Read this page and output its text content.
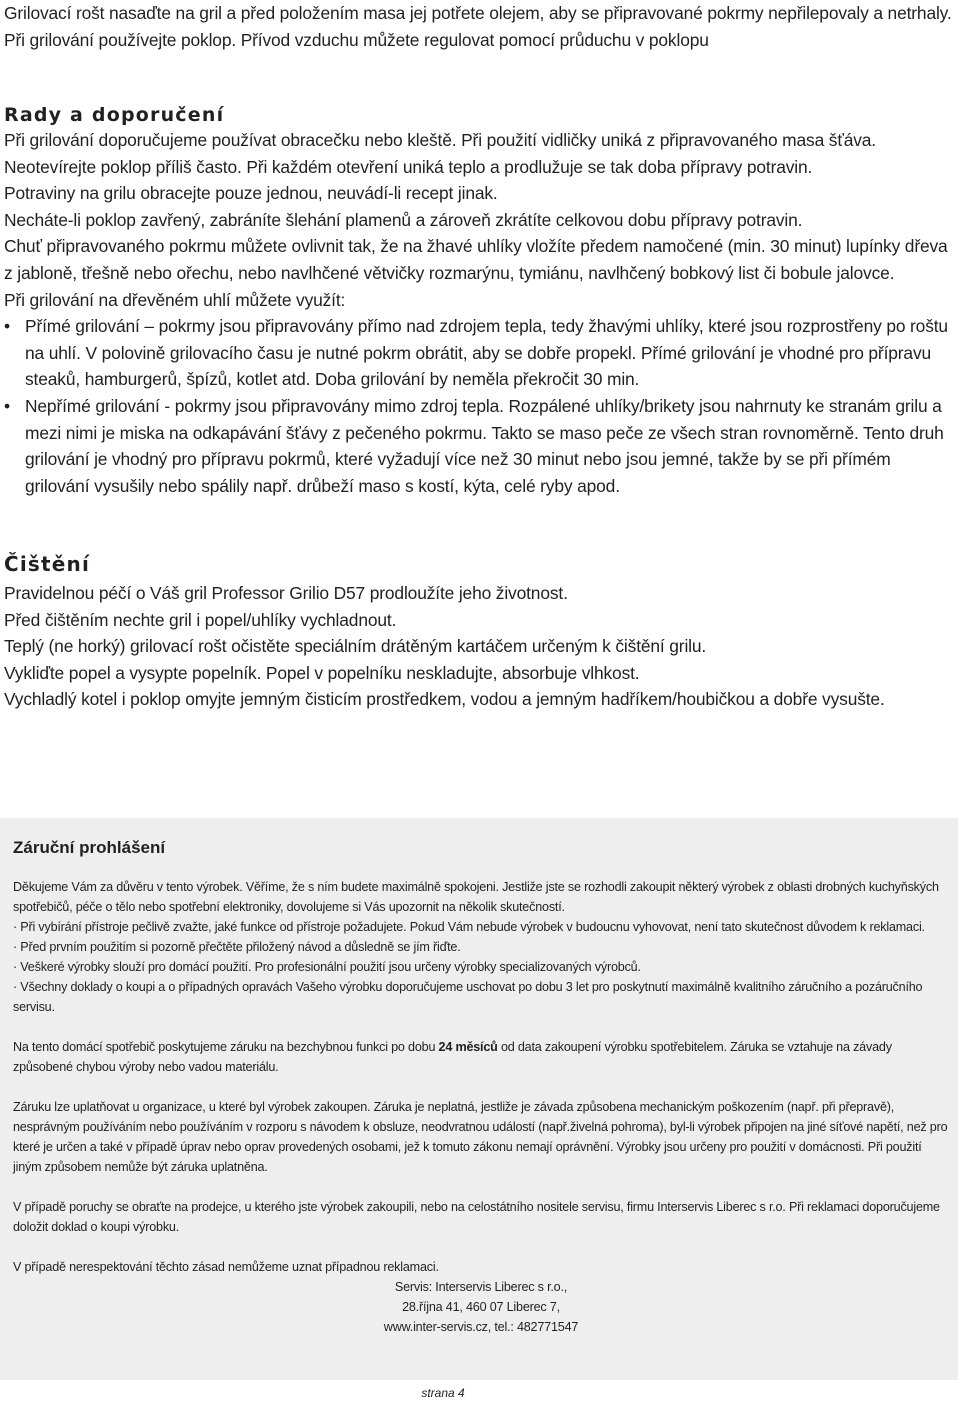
Grilovací rošt nasaďte na gril a před položením masa jej potřete olejem, aby se připravované pokrmy nepřilepovaly a netrhaly.

Při grilování používejte poklop. Přívod vzduchu můžete regulovat pomocí průduchu v poklopu

Rady a doporučení

Při grilování doporučujeme používat obracečku nebo kleště. Při použití vidličky uniká z připravovaného masa šťáva.

Neotevírejte poklop příliš často. Při každém otevření uniká teplo a prodlužuje se tak doba přípravy potravin.

Potraviny na grilu obracejte pouze jednou, neuvádí-li recept jinak.

Necháte-li poklop zavřený, zabráníte šlehání plamenů a zároveň zkrátíte celkovou dobu přípravy potravin.

Chuť připravovaného pokrmu můžete ovlivnit tak, že na žhavé uhlíky vložíte předem namočené (min. 30 minut) lupínky dřeva z jabloně, třešně nebo ořechu, nebo navlhčené větvičky rozmarýnu, tymiánu, navlhčený bobkový list či bobule jalovce.

Při grilování na dřevěném uhlí můžete využít:

• Přímé grilování – pokrmy jsou připravovány přímo nad zdrojem tepla, tedy žhavými uhlíky, které jsou rozprostřeny po roštu na uhlí. V polovině grilovacího času je nutné pokrm obrátit, aby se dobře propekl. Přímé grilování je vhodné pro přípravu steaků, hamburgerů, špízů, kotlet atd. Doba grilování by neměla překročit 30 min.

• Nepřímé grilování - pokrmy jsou připravovány mimo zdroj tepla. Rozpálené uhlíky/brikety jsou nahrnuty ke stranám grilu a mezi nimi je miska na odkapávání šťávy z pečeného pokrmu. Takto se maso peče ze všech stran rovnoměrně. Tento druh grilování je vhodný pro přípravu pokrmů, které vyžadují více než 30 minut nebo jsou jemné, takže by se při přímém grilování vysušily nebo spálily např. drůbeží maso s kostí, kýta, celé ryby apod.

Čištění

Pravidelnou péčí o Váš gril Professor Grilio D57 prodloužíte jeho životnost.

Před čištěním nechte gril i popel/uhlíky vychladnout.

Teplý (ne horký) grilovací rošt očistěte speciálním drátěným kartáčem určeným k čištění grilu.

Vykliďte popel a vysypte popelník. Popel v popelníku neskladujte, absorbuje vlhkost.

Vychladlý kotel i poklop omyjte jemným čisticím prostředkem, vodou a jemným hadříkem/houbičkou a dobře vysušte.

Záruční prohlášení

Děkujeme Vám za důvěru v tento výrobek. Věříme, že s ním budete maximálně spokojeni. Jestliže jste se rozhodli zakoupit některý výrobek z oblasti drobných kuchyňských spotřebičů, péče o tělo nebo spotřební elektroniky, dovolujeme si Vás upozornit na několik skutečností.

· Při vybírání přístroje pečlivě zvažte, jaké funkce od přístroje požadujete. Pokud Vám nebude výrobek v budoucnu vyhovovat, není tato skutečnost důvodem k reklamaci.

· Před prvním použitím si pozorně přečtěte přiložený návod a důsledně se jím řiďte.

· Veškeré výrobky slouží pro domácí použití. Pro profesionální použití jsou určeny výrobky specializovaných výrobců.

· Všechny doklady o koupi a o případných opravách Vašeho výrobku doporučujeme uschovat po dobu 3 let pro poskytnutí maximálně kvalitního záručního a pozáručního servisu.

Na tento domácí spotřebič poskytujeme záruku na bezchybnou funkci po dobu 24 měsíců od data zakoupení výrobku spotřebitelem. Záruka se vztahuje na závady způsobené chybou výroby nebo vadou materiálu.

Záruku lze uplatňovat u organizace, u které byl výrobek zakoupen. Záruka je neplatná, jestliže je závada způsobena mechanickým poškozením (např. při přepravě), nesprávným používáním nebo používáním v rozporu s návodem k obsluze, neodvratnou událostí (např.živelná pohroma), byl-li výrobek připojen na jiné síťové napětí, než pro které je určen a také v případě úprav nebo oprav provedených osobami, jež k tomuto zákonu nemají oprávnění. Výrobky jsou určeny pro použití v domácnosti. Při použití jiným způsobem nemůže být záruka uplatněna.

V případě poruchy se obraťte na prodejce, u kterého jste výrobek zakoupili, nebo na celostátního nositele servisu, firmu Interservis Liberec s r.o. Při reklamaci doporučujeme doložit doklad o koupi výrobku.

V případě nerespektování těchto zásad nemůžeme uznat případnou reklamaci.

Servis: Interservis Liberec s r.o.,

28.října 41, 460 07 Liberec 7,

www.inter-servis.cz, tel.: 482771547

strana 4
